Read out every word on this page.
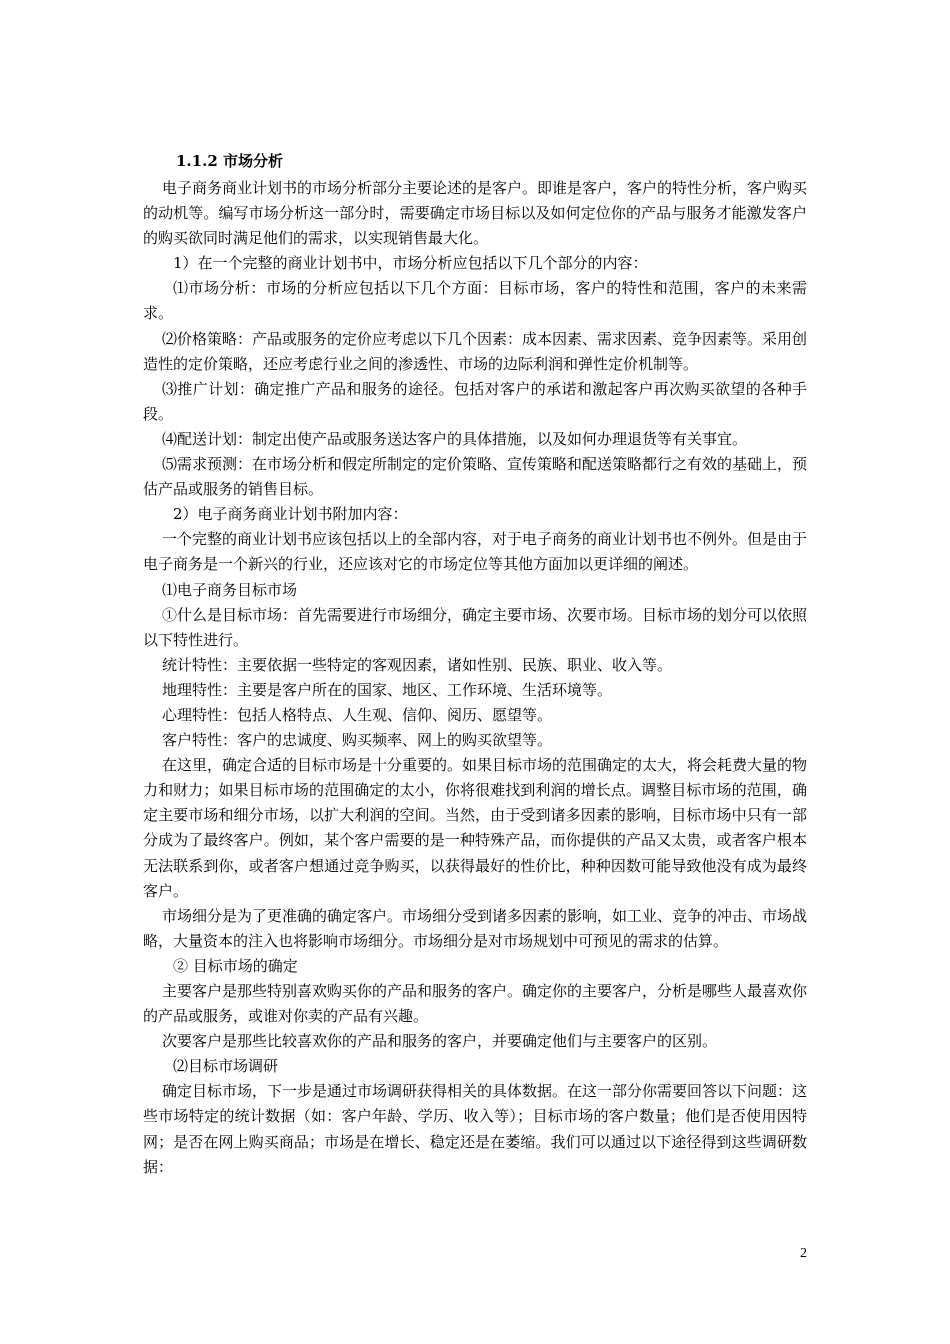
1.1.2 市场分析

电子商务商业计划书的市场分析部分主要论述的是客户。即谁是客户，客户的特性分析，客户购买的动机等。编写市场分析这一部分时，需要确定市场目标以及如何定位你的产品与服务才能激发客户的购买欲同时满足他们的需求，以实现销售最大化。

1）在一个完整的商业计划书中，市场分析应包括以下几个部分的内容：

⑴市场分析：市场的分析应包括以下几个方面：目标市场，客户的特性和范围，客户的未来需求。

⑵价格策略：产品或服务的定价应考虑以下几个因素：成本因素、需求因素、竞争因素等。采用创造性的定价策略，还应考虑行业之间的渗透性、市场的边际利润和弹性定价机制等。

⑶推广计划：确定推广产品和服务的途径。包括对客户的承诺和激起客户再次购买欲望的各种手段。

⑷配送计划：制定出使产品或服务送达客户的具体措施，以及如何办理退货等有关事宜。

⑸需求预测：在市场分析和假定所制定的定价策略、宣传策略和配送策略都行之有效的基础上，预估产品或服务的销售目标。

2）电子商务商业计划书附加内容：

一个完整的商业计划书应该包括以上的全部内容，对于电子商务的商业计划书也不例外。但是由于电子商务是一个新兴的行业，还应该对它的市场定位等其他方面加以更详细的阐述。

⑴电子商务目标市场

①什么是目标市场：首先需要进行市场细分，确定主要市场、次要市场。目标市场的划分可以依照以下特性进行。

统计特性：主要依据一些特定的客观因素，诸如性别、民族、职业、收入等。

地理特性：主要是客户所在的国家、地区、工作环境、生活环境等。

心理特性：包括人格特点、人生观、信仰、阅历、愿望等。

客户特性：客户的忠诚度、购买频率、网上的购买欲望等。

在这里，确定合适的目标市场是十分重要的。如果目标市场的范围确定的太大，将会耗费大量的物力和财力；如果目标市场的范围确定的太小，你将很难找到利润的增长点。调整目标市场的范围，确定主要市场和细分市场，以扩大利润的空间。当然，由于受到诸多因素的影响，目标市场中只有一部分成为了最终客户。例如，某个客户需要的是一种特殊产品，而你提供的产品又太贵，或者客户根本无法联系到你，或者客户想通过竞争购买，以获得最好的性价比，种种因数可能导致他没有成为最终客户。

市场细分是为了更准确的确定客户。市场细分受到诸多因素的影响，如工业、竞争的冲击、市场战略，大量资本的注入也将影响市场细分。市场细分是对市场规划中可预见的需求的估算。

② 目标市场的确定

主要客户是那些特别喜欢购买你的产品和服务的客户。确定你的主要客户，分析是哪些人最喜欢你的产品或服务，或谁对你卖的产品有兴趣。

次要客户是那些比较喜欢你的产品和服务的客户，并要确定他们与主要客户的区别。

⑵目标市场调研

确定目标市场，下一步是通过市场调研获得相关的具体数据。在这一部分你需要回答以下问题：这些市场特定的统计数据（如：客户年龄、学历、收入等）；目标市场的客户数量；他们是否使用因特网；是否在网上购买商品；市场是在增长、稳定还是在萎缩。我们可以通过以下途径得到这些调研数据：

2
